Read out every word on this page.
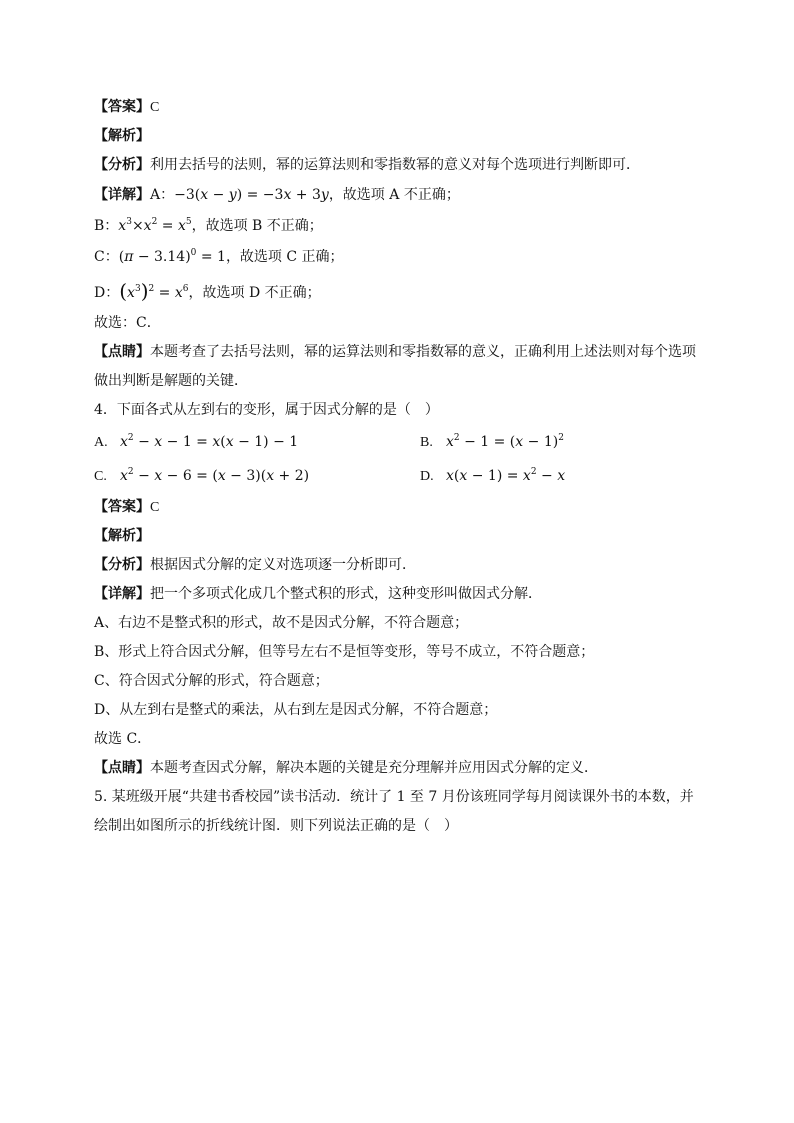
【答案】C
【解析】
【分析】利用去括号的法则，幂的运算法则和零指数幂的意义对每个选项进行判断即可．
【详解】A：−3(x − y) = −3x + 3y，故选项 A 不正确；
B：$x^3\times x^2 = x^5$，故选项 B 不正确；
C：$(\pi - 3.14)^0 = 1$，故选项 C 正确；
D：$(x^3)^2 = x^6$，故选项 D 不正确；
故选：C．
【点睛】本题考查了去括号法则，幂的运算法则和零指数幂的意义，正确利用上述法则对每个选项
做出判断是解题的关键．
4．下面各式从左到右的变形，属于因式分解的是（　）
A. $x^2 - x - 1 = x(x - 1) - 1$	B. $x^2 - 1 = (x - 1)^2$
C. $x^2 - x - 6 = (x - 3)(x + 2)$	D. $x(x - 1) = x^2 - x$
【答案】C
【解析】
【分析】根据因式分解的定义对选项逐一分析即可．
【详解】把一个多项式化成几个整式积的形式，这种变形叫做因式分解．
A、右边不是整式积的形式，故不是因式分解，不符合题意；
B、形式上符合因式分解，但等号左右不是恒等变形，等号不成立，不符合题意；
C、符合因式分解的形式，符合题意；
D、从左到右是整式的乘法，从右到左是因式分解，不符合题意；
故选 C．
【点睛】本题考查因式分解，解决本题的关键是充分理解并应用因式分解的定义．
5. 某班级开展“共建书香校园”读书活动．统计了 1 至 7 月份该班同学每月阅读课外书的本数，并
绘制出如图所示的折线统计图．则下列说法正确的是（　）
